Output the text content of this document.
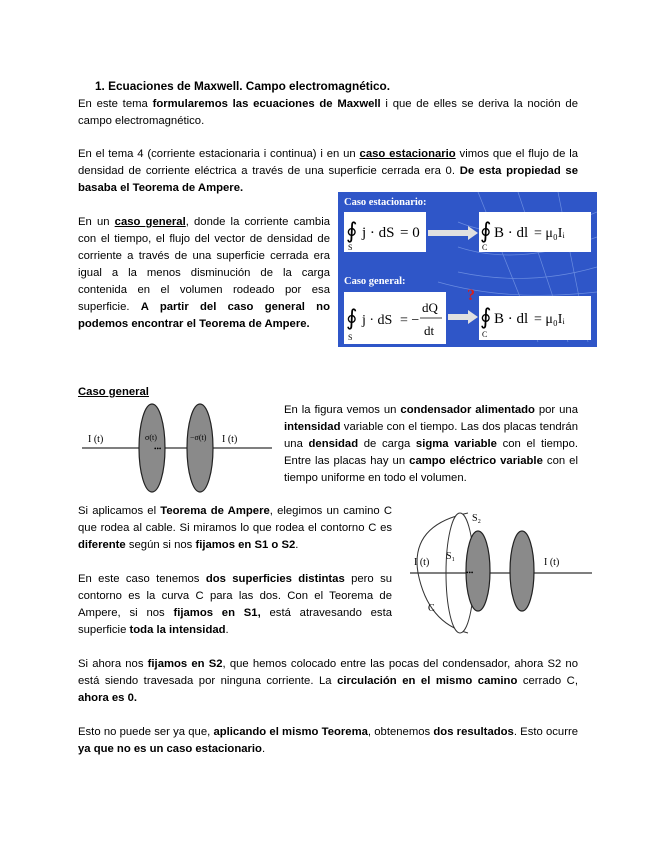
1. Ecuaciones de Maxwell. Campo electromagnético.
En este tema formularemos las ecuaciones de Maxwell i que de elles se deriva la noción de campo electromagnético.
En el tema 4 (corriente estacionaria i continua) i en un caso estacionario vimos que el flujo de la densidad de corriente eléctrica a través de una superficie cerrada era 0. De esta propiedad se basaba el Teorema de Ampere.
En un caso general, donde la corriente cambia con el tiempo, el flujo del vector de densidad de corriente a través de una superficie cerrada era igual a la menos disminución de la carga contenida en el volumen rodeado por esa superficie. A partir del caso general no podemos encontrar el Teorema de Ampere.
Caso estacionario:
∮
S
j · dS = 0	∮
C
B · dl = μ₀Iᵢ
Caso general:
?
∮
S
j · dS = −
dQ
dt
∮
C
B · dl = μ₀Iᵢ
Caso general
I (t)	I (t)
σ(t)	−σ(t)
•••
En la figura vemos un condensador alimentado por una intensidad variable con el tiempo. Las dos placas tendrán una densidad de carga sigma variable con el tiempo. Entre las placas hay un campo eléctrico variable con el tiempo uniforme en todo el volumen.
Si aplicamos el Teorema de Ampere, elegimos un camino C que rodea al cable. Si miramos lo que rodea el contorno C es diferente según si nos fijamos en S1 o S2.
En este caso tenemos dos superficies distintas pero su contorno es la curva C para las dos. Con el Teorema de Ampere, si nos fijamos en S1, está atravesando esta superficie toda la intensidad.
I (t)	I (t)
S₁
S₂
C
•••
Si ahora nos fijamos en S2, que hemos colocado entre las pocas del condensador, ahora S2 no está siendo travesada por ninguna corriente. La circulación en el mismo camino cerrado C, ahora es 0.
Esto no puede ser ya que, aplicando el mismo Teorema, obtenemos dos resultados. Esto ocurre ya que no es un caso estacionario.
